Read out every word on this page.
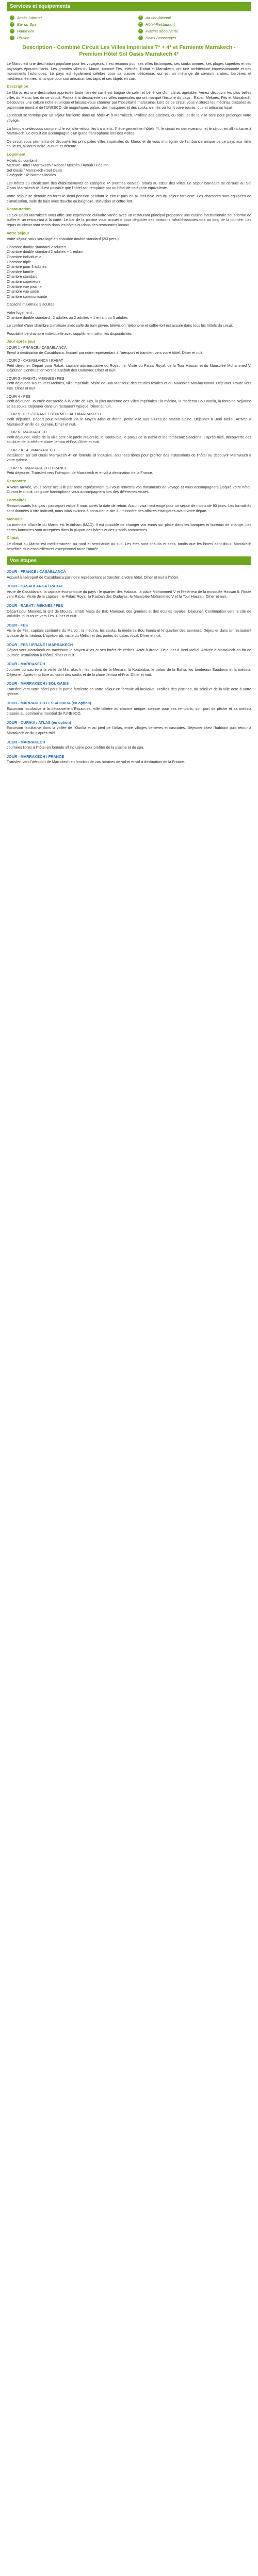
Services et équipements
•	Accès Internet
•	Bar du Spa
•	Hammam
•	Piscine
•	Air conditionné
•	Hôtel-Restaurant
•	Piscine découverte
•	Soins / massages
Description - Combiné Circuit Les Villes Impériales 7* + 4* et Farniente Marrakech - Premium Hôtel Sol Oasis Marrakech 4*
Le Maroc est une destination populaire pour les voyageurs, il est reconnu pour ses villes historiques, ses souks animés, ses plages superbes et ses paysages époustouflants. Les grandes villes du Maroc, comme Fès, Meknès, Rabat et Marrakech, ont une architecture impressionnante et des monuments historiques. Le pays est également célèbre pour sa cuisine délicieuse, qui est un mélange de saveurs arabes, berbères et méditerranéennes, ainsi que pour son artisanat, ses tapis et ses objets en cuir.
Description
Le Maroc est une destination appréciée toute l'année car il est baigné de soleil et bénéficie d'un climat agréable. Venez découvrir les plus belles villes du Maroc lors de ce circuit. Partez à la découverte des villes impériales qui ont marqué l'histoire du pays : Rabat, Meknès, Fès et Marrakech. Découvrez une culture riche et unique et laissez-vous charmer par l'hospitalité marocaine. Lors de ce circuit vous visiterez les médinas classées au patrimoine mondial de l'UNESCO, de magnifiques palais, des mosquées et des souks animés où l'on trouve épices, cuir et artisanat local.
Le circuit se termine par un séjour farniente dans un hôtel 4* à Marrakech. Profitez des piscines, du soleil et de la ville ocre pour prolonger votre voyage.
La formule ci-dessous comprend le vol aller-retour, les transferts, l'hébergement en hôtels 4*, le circuit en demi-pension et le séjour en all inclusive à Marrakech. Le circuit est accompagné d'un guide francophone lors des visites.
Ce circuit vous permettra de découvrir les principales villes impériales du Maroc et de vous imprégner de l'ambiance unique de ce pays aux mille couleurs, alliant histoire, culture et détente.
Logement
Hôtels du combiné :
Mercure Hôtel / Marrakech / Rabat / Meknès / Ayoub / Fès Inn
Sol Oasis / Marrakech / Sol Oasis
Catégorie : 4* Normes locales
Les hôtels du circuit sont des établissements de catégorie 4* (normes locales), situés au cœur des villes. Le séjour balnéaire se déroule au Sol Oasis Marrakech 4*. Il est possible que l'hôtel soit remplacé par un hôtel de catégorie équivalente.
Votre séjour se déroule en formule demi-pension pendant le circuit puis en all inclusive lors du séjour farniente. Les chambres sont équipées de climatisation, salle de bain avec douche ou baignoire, télévision et coffre-fort.
Restauration
Le Sol Oasis Marrakech vous offre une expérience culinaire variée avec un restaurant principal proposant une cuisine internationale sous forme de buffet et un restaurant à la carte. Le bar de la piscine vous accueille pour déguster des boissons rafraîchissantes tout au long de la journée. Les repas du circuit sont servis dans les hôtels ou dans des restaurants locaux.
Votre séjour
Votre séjour, vous sera logé en chambre double standard (2/3 pers.)
Chambre double standard 2 adultes
Chambre double standard 2 adultes + 1 enfant
Chambre individuelle
Chambre triple
Chambre pour 3 adultes
Chambre famille
Chambre standard
Chambre supérieure
Chambre vue piscine
Chambre vue jardin
Chambre communicante
Capacité maximale 3 adultes.
Votre logement :
Chambre double standard : 2 adultes ou 2 adultes + 1 enfant ou 3 adultes
Le confort d'une chambre climatisée avec salle de bain privée, télévision, téléphone et coffre-fort est assuré dans tous les hôtels du circuit.
Possibilité de chambre individuelle avec supplément, selon les disponibilités.
Jour après jour
JOUR 1 - FRANCE / CASABLANCA
Envol à destination de Casablanca. Accueil par notre représentant à l'aéroport et transfert vers votre hôtel. Dîner et nuit.
JOUR 2 - CASABLANCA / RABAT
Petit déjeuner. Départ pour Rabat, capitale administrative du Royaume. Visite du Palais Royal, de la Tour Hassan et du Mausolée Mohammed V. Déjeuner. Continuation vers la Kasbah des Oudayas. Dîner et nuit.
JOUR 3 - RABAT / MEKNES / FES
Petit déjeuner. Route vers Meknès, ville impériale. Visite de Bab Mansour, des écuries royales et du Mausolée Moulay Ismaïl. Déjeuner. Route vers Fès. Dîner et nuit.
JOUR 4 - FES
Petit déjeuner. Journée consacrée à la visite de Fès, la plus ancienne des villes impériales : la médina, la medersa Bou Inania, la fontaine Nejjarine et les souks. Déjeuner dans un restaurant typique. Dîner et nuit.
JOUR 5 - FES / IFRANE / BENI MELLAL / MARRAKECH
Petit déjeuner. Départ pour Marrakech via le Moyen Atlas et Ifrane, petite ville aux allures de station alpine. Déjeuner à Beni Mellal. Arrivée à Marrakech en fin de journée. Dîner et nuit.
JOUR 6 - MARRAKECH
Petit déjeuner. Visite de la ville ocre : le jardin Majorelle, la Koutoubia, le palais de la Bahia et les tombeaux Saadiens. L'après-midi, découverte des souks et de la célèbre place Jemaa el-Fna. Dîner et nuit.
JOUR 7 à 14 - MARRAKECH
Installation au Sol Oasis Marrakech 4* en formule all inclusive. Journées libres pour profiter des installations de l'hôtel ou découvrir Marrakech à votre rythme.
JOUR 15 - MARRAKECH / FRANCE
Petit déjeuner. Transfert vers l'aéroport de Marrakech et envol à destination de la France.
Rencontre
À votre arrivée, vous serez accueilli par notre représentant qui vous remettra vos documents de voyage et vous accompagnera jusqu'à votre hôtel. Durant le circuit, un guide francophone vous accompagnera lors des différentes visites.
Formalités
Ressortissants français : passeport valide 3 mois après la date de retour. Aucun visa n'est exigé pour un séjour de moins de 90 jours. Les formalités sont données à titre indicatif, nous vous invitons à consulter le site du ministère des affaires étrangères avant votre départ.
Monnaie
La monnaie officielle du Maroc est le dirham (MAD). Il est possible de changer vos euros sur place dans les banques et bureaux de change. Les cartes bancaires sont acceptées dans la plupart des hôtels et des grands commerces.
Climat
Le climat au Maroc est méditerranéen au nord et semi-aride au sud. Les étés sont chauds et secs, tandis que les hivers sont doux. Marrakech bénéficie d'un ensoleillement exceptionnel toute l'année.
Vos étapes
JOUR - FRANCE / CASABLANCA
Accueil à l'aéroport de Casablanca par notre représentant et transfert à votre hôtel. Dîner et nuit à l'hôtel.
JOUR - CASABLANCA / RABAT
Visite de Casablanca, la capitale économique du pays : le quartier des Habous, la place Mohammed V et l'extérieur de la mosquée Hassan II. Route vers Rabat. Visite de la capitale : le Palais Royal, la Kasbah des Oudayas, le Mausolée Mohammed V et la Tour Hassan. Dîner et nuit.
JOUR - RABAT / MEKNES / FES
Départ pour Meknès, la cité de Moulay Ismaïl. Visite de Bab Mansour, des greniers et des écuries royales. Déjeuner. Continuation vers le site de Volubilis, puis route vers Fès. Dîner et nuit.
JOUR - FES
Visite de Fès, capitale spirituelle du Maroc : la médina, les souks, la medersa Bou Inania et le quartier des tanneurs. Déjeuner dans un restaurant typique de la médina. L'après-midi, visite du Mellah et des portes du palais royal. Dîner et nuit.
JOUR - FES / IFRANE / MARRAKECH
Départ vers Marrakech en traversant le Moyen Atlas et ses forêts de cèdres. Arrêt à Ifrane. Déjeuner à Beni Mellal. Arrivée à Marrakech en fin de journée. Installation à l'hôtel, dîner et nuit.
JOUR - MARRAKECH
Journée consacrée à la visite de Marrakech : les jardins de la Ménara, la Koutoubia, le palais de la Bahia, les tombeaux Saadiens et la médina. Déjeuner. Après-midi libre au cœur des souks et de la place Jemaa el-Fna. Dîner et nuit.
JOUR - MARRAKECH / SOL OASIS
Transfert vers votre hôtel pour la partie farniente de votre séjour en formule all inclusive. Profitez des piscines, du soleil et de la ville ocre à votre rythme.
JOUR - MARRAKECH / ESSAOUIRA (en option)
Excursion facultative à la découverte d'Essaouira, ville côtière au charme unique, connue pour ses remparts, son port de pêche et sa médina classée au patrimoine mondial de l'UNESCO.
JOUR - OURIKA / ATLAS (en option)
Excursion facultative dans la vallée de l'Ourika et au pied de l'Atlas, entre villages berbères et cascades. Déjeuner chez l'habitant puis retour à Marrakech en fin d'après-midi.
JOUR - MARRAKECH
Journées libres à l'hôtel en formule all inclusive pour profiter de la piscine et du spa.
JOUR - MARRAKECH / FRANCE
Transfert vers l'aéroport de Marrakech en fonction de vos horaires de vol et envol à destination de la France.
